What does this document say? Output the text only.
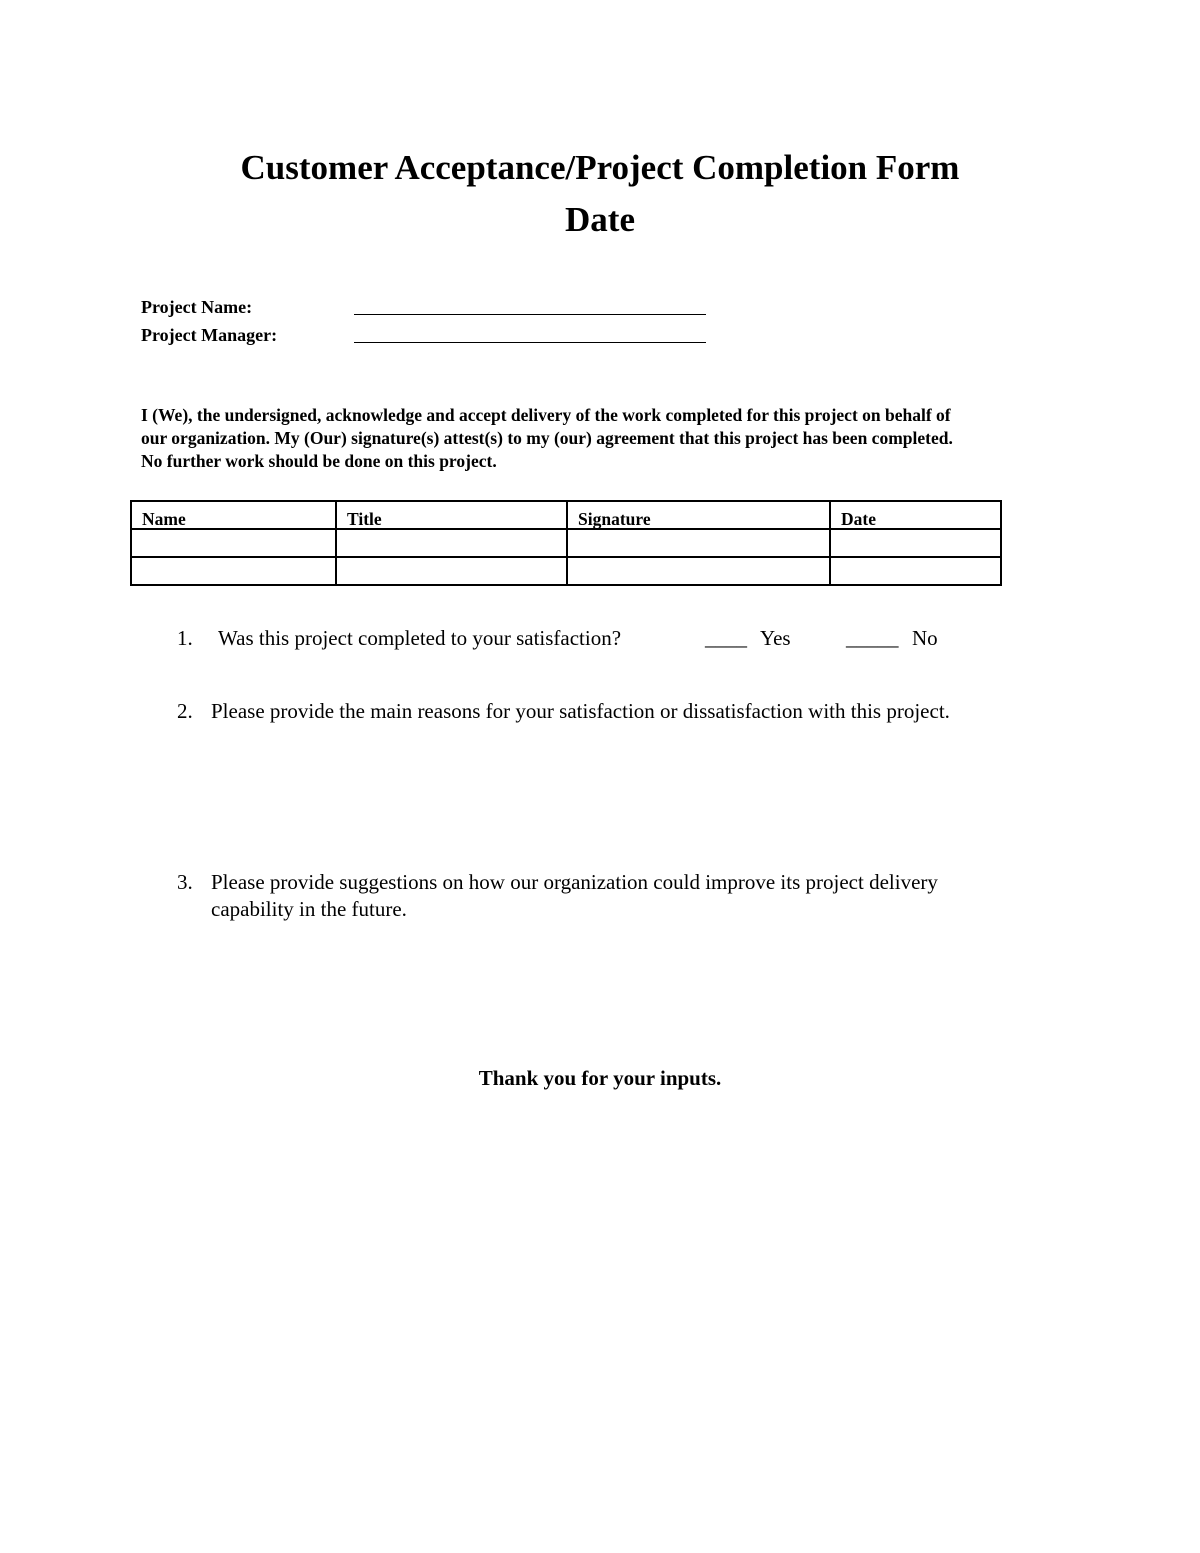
Customer Acceptance/Project Completion Form
Date
Project Name:
Project Manager:
I (We), the undersigned, acknowledge and accept delivery of the work completed for this project on behalf of
our organization. My (Our) signature(s) attest(s) to my (our) agreement that this project has been completed.
No further work should be done on this project.
Name	Title	Signature	Date

1. Was this project completed to your satisfaction?	____ Yes	_____ No
2. Please provide the main reasons for your satisfaction or dissatisfaction with this project.
3. Please provide suggestions on how our organization could improve its project delivery
capability in the future.
Thank you for your inputs.
